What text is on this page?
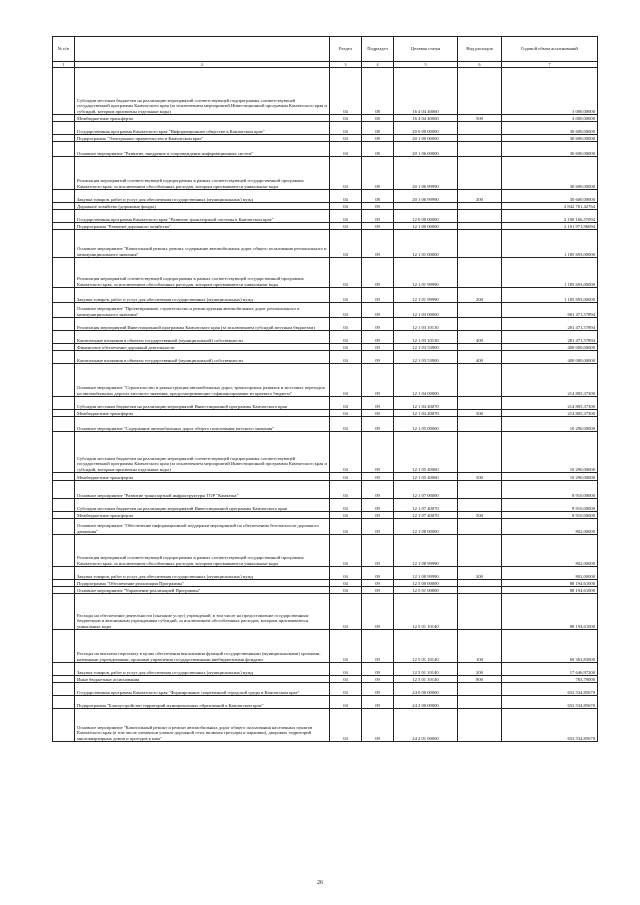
№ п/п		Раздел	Подраздел	Целевая статья	Вид расходов	Годовой объем ассигнований
1	2	3	4	5	6	7
	Субсидии местным бюджетам на реализацию мероприятий соответствующей подпрограммы соответствующей государственной программы Камчатского края (за исключением мероприятий Инвестиционной программы Камчатского края и субсидий, которым присвоены отдельные коды)	04	08	16 4 04 40060		3 000,00000
	Межбюджетные трансферты	04	08	16 4 04 40060	500	3 000,00000
	Государственная программа Камчатского края "Информационное общество в Камчатском крае"	04	08	20 0 00 00000		30 600,00000
	Подпрограмма "Электронное правительство в Камчатском крае"	04	08	20 1 00 00000		30 600,00000
	Основное мероприятие "Развитие, внедрение и сопровождение информационных систем"	04	08	20 1 06 00000		30 600,00000
	Реализация мероприятий соответствующей подпрограммы в рамках соответствующей государственной программы Камчатского края, за исключением обособленных расходов, которым присваиваются уникальные коды	04	08	20 1 06 99990		30 600,00000
	Закупка товаров, работ и услуг для обеспечения государственных (муниципальных) нужд	04	08	20 1 06 99990	200	30 600,00000
	Дорожное хозяйство (дорожные фонды)	04	09			2 842 761,42764
	Государственная программа Камчатского края "Развитие транспортной системы в Камчатском крае"	04	09	12 0 00 00000		2 190 166,57094
	Подпрограмма "Развитие дорожного хозяйства"	04	09	12 1 00 00000		2 101 971,96094
	Основное мероприятие "Капитальный ремонт, ремонт, содержание автомобильных дорог общего пользования регионального и межмуниципального значения"	04	09	12 1 01 00000		1 185 693,00000
	Реализация мероприятий соответствующей подпрограммы в рамках соответствующей государственной программы Камчатского края, за исключением обособленных расходов, которым присваиваются уникальные коды	04	09	12 1 01 99990		1 185 693,00000
	Закупка товаров, работ и услуг для обеспечения государственных (муниципальных) нужд	04	09	12 1 01 99990	200	1 185 693,00000
	Основное мероприятие "Проектирование, строительство и реконструкция автомобильных дорог регионального и межмуниципального значения"	04	09	12 1 03 00000		681 471,57894
	Реализация мероприятий Инвестиционной программы Камчатского края (за исключением субсидий местным бюджетам)	04	09	12 1 03 10130		281 471,57894
	Капитальные вложения в объекты государственной (муниципальной) собственности	04	09	12 1 03 10130	400	281 471,57894
	Финансовое обеспечение дорожной деятельности	04	09	12 1 03 53900		400 000,00000
	Капитальные вложения в объекты государственной (муниципальной) собственности	04	09	12 1 03 53900	400	400 000,00000
	Основное мероприятие "Строительство и реконструкция автомобильных дорог, транспортных развязок и мостовых переходов на автомобильных дорогах местного значения, предусматривающие софинансирование из краевого бюджета"	04	09	12 1 04 00000		214 805,37300
	Субсидии местным бюджетам на реализацию мероприятий Инвестиционной программы Камчатского края	04	09	12 1 04 40070		214 805,37300
	Межбюджетные трансферты	04	09	12 1 04 40070	500	214 805,37300
	Основное мероприятие "Содержание автомобильных дорог общего пользования местного значения"	04	09	12 1 05 00000		10 290,00000
	Субсидии местным бюджетам на реализацию мероприятий соответствующей подпрограммы соответствующей государственной программы Камчатского края (за исключением мероприятий Инвестиционной программы Камчатского края и субсидий, которым присвоены отдельные коды)	04	09	12 1 05 40060		10 290,00000
	Межбюджетные трансферты	04	09	12 1 05 40060	500	10 290,00000
	Основное мероприятие "Развитие транспортной инфраструктуры ТОР "Камчатка"	04	09	12 1 07 00000		8 910,00000
	Субсидии местным бюджетам на реализацию мероприятий Инвестиционной программы Камчатского края	04	09	12 1 07 40070		8 910,00000
	Межбюджетные трансферты	04	09	12 1 07 40070	500	8 910,00000
	Основное мероприятие "Обеспечение информационной поддержки мероприятий по обеспечению безопасности дорожного движения"	04	09	12 1 08 00000		802,00000
	Реализация мероприятий соответствующей подпрограммы в рамках соответствующей государственной программы Камчатского края, за исключением обособленных расходов, которым присваиваются уникальные коды	04	09	12 1 08 99990		802,00000
	Закупка товаров, работ и услуг для обеспечения государственных (муниципальных) нужд	04	09	12 1 08 99990	200	802,00000
	Подпрограмма "Обеспечение реализации Программы"	04	09	12 5 00 00000		88 194,61000
	Основное мероприятие "Управление реализацией Программы"	04	09	12 5 01 00000		88 194,61000
	Расходы на обеспечение деятельности (оказание услуг) учреждений, в том числе на предоставление государственным бюджетным и автономным учреждениям субсидий, за исключением обособленных расходов, которым присваиваются уникальные коды	04	09	12 5 01 10140		88 194,61000
	Расходы на выплаты персоналу в целях обеспечения выполнения функций государственными (муниципальными) органами, казенными учреждениями, органами управления государственными внебюджетными фондами	04	09	12 5 01 10140	100	69 363,83000
	Закупка товаров, работ и услуг для обеспечения государственных (муниципальных) нужд	04	09	12 5 01 10140	200	17 646,97200
	Иные бюджетные ассигнования	04	09	12 5 01 10140	800	783,79000
	Государственная программа Камчатского края "Формирование современной городской среды в Камчатском крае"	04	09	24 0 00 00000		652 534,85670
	Подпрограмма "Благоустройство территорий муниципальных образований в Камчатском крае"	04	09	24 2 00 00000		652 534,85670
	Основное мероприятие "Капитальный ремонт и ремонт автомобильных дорог общего пользования населенных пунктов Камчатского края (в том числе элементов улично-дорожной сети, включая тротуары и парковки), дворовых территорий многоквартирных домов и проездов к ним"	04	09	24 2 01 00000		652 534,85670
26
